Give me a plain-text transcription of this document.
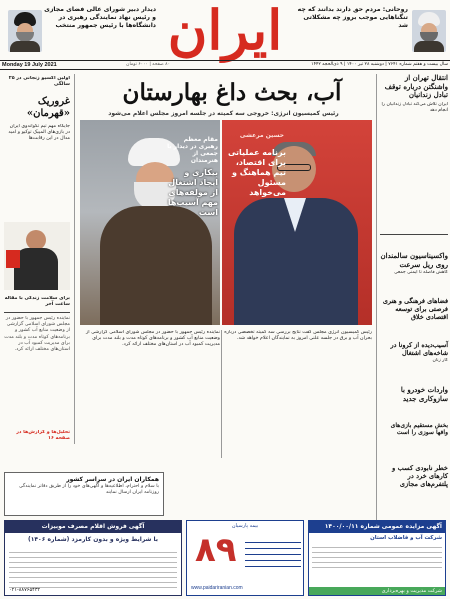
دیدار دبیر شورای عالی فضای مجازی و رئیس نهاد نمایندگی رهبری در دانشگاه‌ها با رئیس جمهور منتخب ایران	روحانی: مردم حق دارند بدانند که چه تنگناهایی موجب بروز چه مشکلاتی شد
Monday 19 July 2021	۸۰ صفحه | ۶۰۰۰ تومان	سال بیست و هفتم شماره ۷۶۴۱ | دوشنبه ۲۸ تیر ۱۴۰۰ | ۹ ذی‌الحجه ۱۴۴۲
اولین اکسپو زنجانی در ۲۵ سالگی
غروریک «قهرمان»
جایگاه مهم تیم تکواندوی ایران در بازی‌های المپیک توکیو و امید مدال در این رقابت‌ها
برای سلامت زندگی با مقاله ساعت آخر
نماینده رئیس جمهور با حضور در مجلس شورای اسلامی گزارشی از وضعیت منابع آب کشور و برنامه‌های کوتاه مدت و بلند مدت برای مدیریت کمبود آب در استان‌های مختلف ارائه کرد.
تحلیل‌ها و گزارش‌ها در صفحه ۱۶
آب، بحث داغ بهارستان
رئیس کمیسیون انرژی: خروجی سه کمیته در جلسه امروز مجلس اعلام می‌شود
مقام معظم رهبری در دیدار با جمعی از هنرمندان
بیکاری و ایجاد اشتغال از مولفه‌های مهم آسیب‌ها است
حسین مرعشی
برنامه عملیاتی برای اقتصاد، تیم هماهنگ و مسئول می‌خواهد
نماینده رئیس جمهور با حضور در مجلس شورای اسلامی گزارشی از وضعیت منابع آب کشور و برنامه‌های کوتاه مدت و بلند مدت برای مدیریت کمبود آب در استان‌های مختلف ارائه کرد.
رئیس کمیسیون انرژی مجلس گفت نتایج بررسی سه کمیته تخصصی درباره بحران آب و برق در جلسه علنی امروز به نمایندگان اعلام خواهد شد.
انتقال تهران از واشنگتن درباره توقف تبادل زندانیان
ایران تلاش می‌کند تبادل زندانیان را انجام دهد
واکسیناسیون سالمندان روی ریل سرعت
کاهش فاصله تا ایمنی جمعی
فضاهای فرهنگی و هنری فرصتی برای توسعه اقتصادی خلاق
آسیب‌دیده از کرونا در شاخه‌های اشتغال
کار زنان
واردات خودرو با سازوکاری جدید
بخش مستقیم بازی‌های وافها سوزی را است
خطر نابودی کسب و کارهای خرد در پلتفرم‌های مجازی
همکاران ایران در سراسر کشور
با سلام و احترام، اطلاعیه‌ها و آگهی‌های خود را از طریق دفاتر نمایندگی روزنامه ایران ارسال نمایند
آگهی فروش اقلام مصرف موبیزات
با شرایط ویژه و بدون کارمزد (شماره ۱۴۰۶)
۰۲۱-۸۸۷۶۵۴۳۲
بیمه پارسیان
۸۹
www.paidariranian.com
آگهی مزایده عمومی شماره ۱۴۰۰/۰۰/۱۱
شرکت آب و فاضلاب استان
شرکت مدیریت و بهره‌برداری
